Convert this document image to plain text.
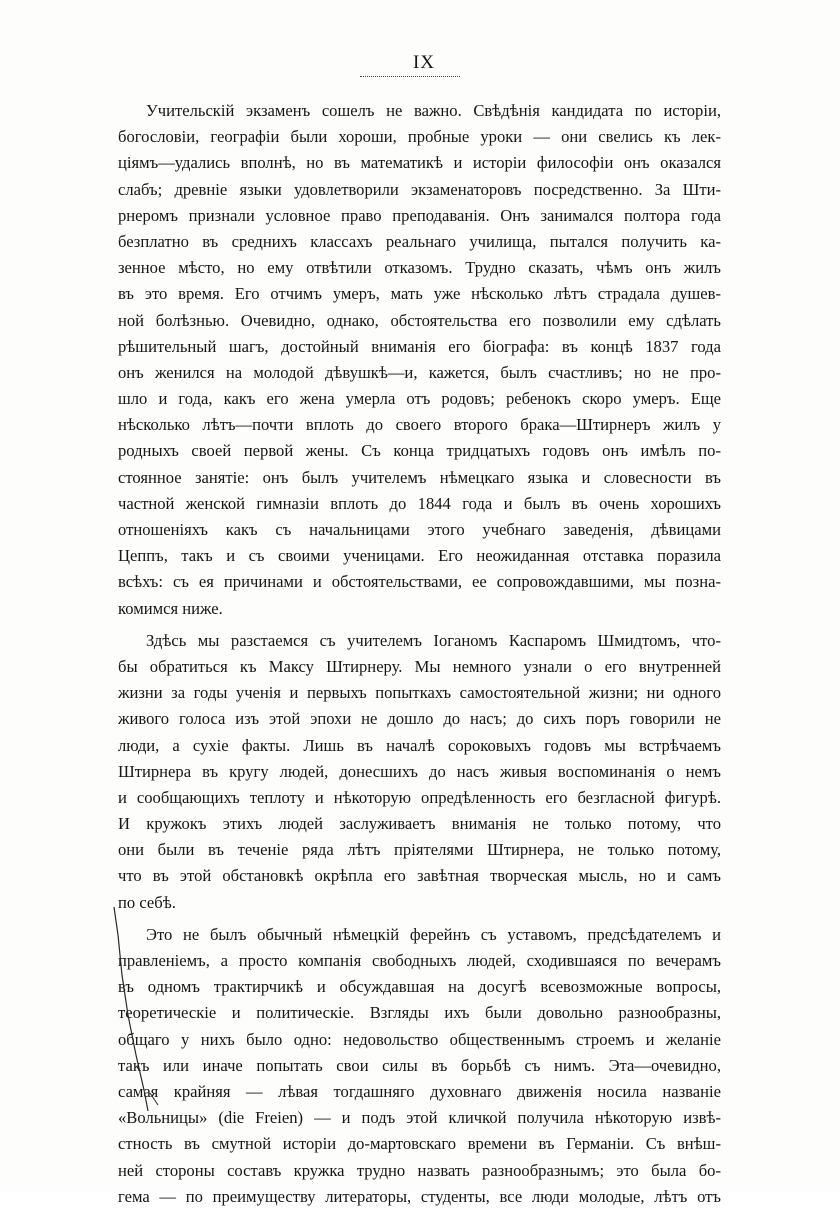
IX
Учительскій экзаменъ сошелъ не важно. Свѣдѣнія кандидата по исторіи,
богословіи, географіи были хороши, пробные уроки — они свелись къ лек-
ціямъ—удались вполнѣ, но въ математикѣ и исторіи философіи онъ оказался
слабъ; древніе языки удовлетворили экзаменаторовъ посредственно. За Шти-
рнеромъ признали условное право преподаванія. Онъ занимался полтора года
безплатно въ среднихъ классахъ реальнаго училища, пытался получить ка-
зенное мѣсто, но ему отвѣтили отказомъ. Трудно сказать, чѣмъ онъ жилъ
въ это время. Его отчимъ умеръ, мать уже нѣсколько лѣтъ страдала душев-
ной болѣзнью. Очевидно, однако, обстоятельства его позволили ему сдѣлать
рѣшительный шагъ, достойный вниманія его біографа: въ концѣ 1837 года
онъ женился на молодой дѣвушкѣ—и, кажется, былъ счастливъ; но не про-
шло и года, какъ его жена умерла отъ родовъ; ребенокъ скоро умеръ. Еще
нѣсколько лѣтъ—почти вплоть до своего второго брака—Штирнеръ жилъ у
родныхъ своей первой жены. Съ конца тридцатыхъ годовъ онъ имѣлъ по-
стоянное занятіе: онъ былъ учителемъ нѣмецкаго языка и словесности въ
частной женской гимназіи вплоть до 1844 года и былъ въ очень хорошихъ
отношеніяхъ какъ съ начальницами этого учебнаго заведенія, дѣвицами
Цеппъ, такъ и съ своими ученицами. Его неожиданная отставка поразила
всѣхъ: съ ея причинами и обстоятельствами, ее сопровождавшими, мы позна-
комимся ниже.
Здѣсь мы разстаемся съ учителемъ Іоганомъ Каспаромъ Шмидтомъ, что-
бы обратиться къ Максу Штирнеру. Мы немного узнали о его внутренней
жизни за годы ученія и первыхъ попыткахъ самостоятельной жизни; ни одного
живого голоса изъ этой эпохи не дошло до насъ; до сихъ поръ говорили не
люди, а сухіе факты. Лишь въ началѣ сороковыхъ годовъ мы встрѣчаемъ
Штирнера въ кругу людей, донесшихъ до насъ живыя воспоминанія о немъ
и сообщающихъ теплоту и нѣкоторую опредѣленность его безгласной фигурѣ.
И кружокъ этихъ людей заслуживаетъ вниманія не только потому, что
они были въ теченіе ряда лѣтъ пріятелями Штирнера, не только потому,
что въ этой обстановкѣ окрѣпла его завѣтная творческая мысль, но и самъ
по себѣ.
Это не былъ обычный нѣмецкій ферейнъ съ уставомъ, предсѣдателемъ и
правленіемъ, а просто компанія свободныхъ людей, сходившаяся по вечерамъ
въ одномъ трактирчикѣ и обсуждавшая на досугѣ всевозможные вопросы,
теоретическіе и политическіе. Взгляды ихъ были довольно разнообразны,
общаго у нихъ было одно: недовольство общественнымъ строемъ и желаніе
такъ или иначе попытать свои силы въ борьбѣ съ нимъ. Эта—очевидно,
самая крайняя — лѣвая тогдашняго духовнаго движенія носила названіе
«Вольницы» (die Freien) — и подъ этой кличкой получила нѣкоторую извѣ-
стность въ смутной исторіи до-мартовскаго времени въ Германіи. Съ внѣш-
ней стороны составъ кружка трудно назвать разнообразнымъ; это была бо-
гема — по преимуществу литераторы, студенты, все люди молодые, лѣтъ отъ
